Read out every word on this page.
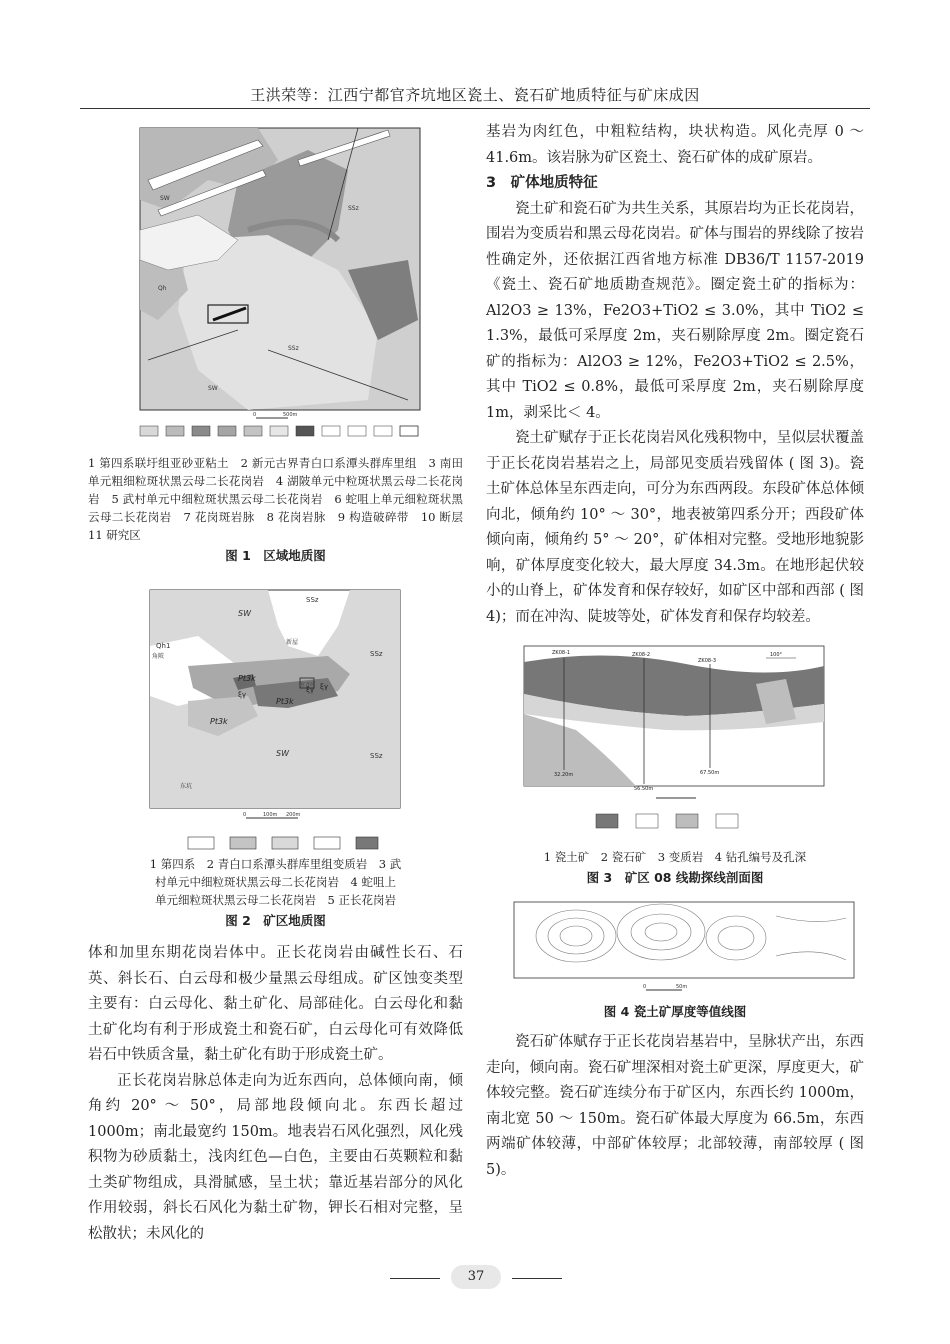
王洪荣等：江西宁都官齐坑地区瓷土、瓷石矿地质特征与矿床成因
SW
SSz
SSz
SW
Qh
0	500m

1 第四系联圩组亚砂亚粘土　2 新元古界青白口系潭头群库里组　3 南田单元粗细粒斑状黑云母二长花岗岩　4 湖陂单元中粒斑状黑云母二长花岗岩　5 武村单元中细粒斑状黑云母二长花岗岩　6 蛇咀上单元细粒斑状黑云母二长花岗岩　7 花岗斑岩脉　8 花岗岩脉　9 构造破碎带　10 断层　11 研究区

图 1　区域地质图
SW
SSz
SSz
SSz
Qh1
角陂
新屋
Pt3k
Pt3k
Pt3k
ξγ
ξγ ξγ
官齐坑
SW
东坑
0	100m 200m

1 第四系　2 青白口系潭头群库里组变质岩　3 武

村单元中细粒斑状黑云母二长花岗岩　4 蛇咀上

单元细粒斑状黑云母二长花岗岩　5 正长花岗岩

图 2　矿区地质图

体和加里东期花岗岩体中。正长花岗岩由碱性长石、石英、斜长石、白云母和极少量黑云母组成。矿区蚀变类型主要有：白云母化、黏土矿化、局部硅化。白云母化和黏土矿化均有利于形成瓷土和瓷石矿，白云母化可有效降低岩石中铁质含量，黏土矿化有助于形成瓷土矿。

正长花岗岩脉总体走向为近东西向，总体倾向南，倾角约 20° ～ 50°，局部地段倾向北。东西长超过 1000m；南北最宽约 150m。地表岩石风化强烈，风化残积物为砂质黏土，浅肉红色—白色，主要由石英颗粒和黏土类矿物组成，具滑腻感，呈土状；靠近基岩部分的风化作用较弱，斜长石风化为黏土矿物，钾长石相对完整，呈松散状；未风化的

基岩为肉红色，中粗粒结构，块状构造。风化壳厚 0 ～ 41.6m。该岩脉为矿区瓷土、瓷石矿体的成矿原岩。

3　矿体地质特征

瓷土矿和瓷石矿为共生关系，其原岩均为正长花岗岩，围岩为变质岩和黑云母花岗岩。矿体与围岩的界线除了按岩性确定外，还依据江西省地方标准 DB36/T 1157-2019《瓷土、瓷石矿地质勘查规范》。圈定瓷土矿的指标为：Al2O3 ≥ 13%，Fe2O3+TiO2 ≤ 3.0%，其中 TiO2 ≤ 1.3%，最低可采厚度 2m，夹石剔除厚度 2m。圈定瓷石矿的指标为：Al2O3 ≥ 12%，Fe2O3+TiO2 ≤ 2.5%，其中 TiO2 ≤ 0.8%，最低可采厚度 2m，夹石剔除厚度 1m，剥采比＜ 4。

瓷土矿赋存于正长花岗岩风化残积物中，呈似层状覆盖于正长花岗岩基岩之上，局部见变质岩残留体 ( 图 3)。瓷土矿体总体呈东西走向，可分为东西两段。东段矿体总体倾向北，倾角约 10° ～ 30°，地表被第四系分开；西段矿体倾向南，倾角约 5° ～ 20°，矿体相对完整。受地形地貌影响，矿体厚度变化较大，最大厚度 34.3m。在地形起伏较小的山脊上，矿体发育和保存较好，如矿区中部和西部 ( 图 4)；而在冲沟、陡坡等处，矿体发育和保存均较差。

ZK08-1	ZK08-2
ZK08-3
100°
32.20m
56.50m
67.50m

1 瓷土矿　2 瓷石矿　3 变质岩　4 钻孔编号及孔深

图 3　矿区 08 线勘探线剖面图
0	50m
图 4 瓷土矿厚度等值线图

瓷石矿体赋存于正长花岗岩基岩中，呈脉状产出，东西走向，倾向南。瓷石矿埋深相对瓷土矿更深，厚度更大，矿体较完整。瓷石矿连续分布于矿区内，东西长约 1000m，南北宽 50 ～ 150m。瓷石矿体最大厚度为 66.5m，东西两端矿体较薄，中部矿体较厚；北部较薄，南部较厚 ( 图 5)。

37
